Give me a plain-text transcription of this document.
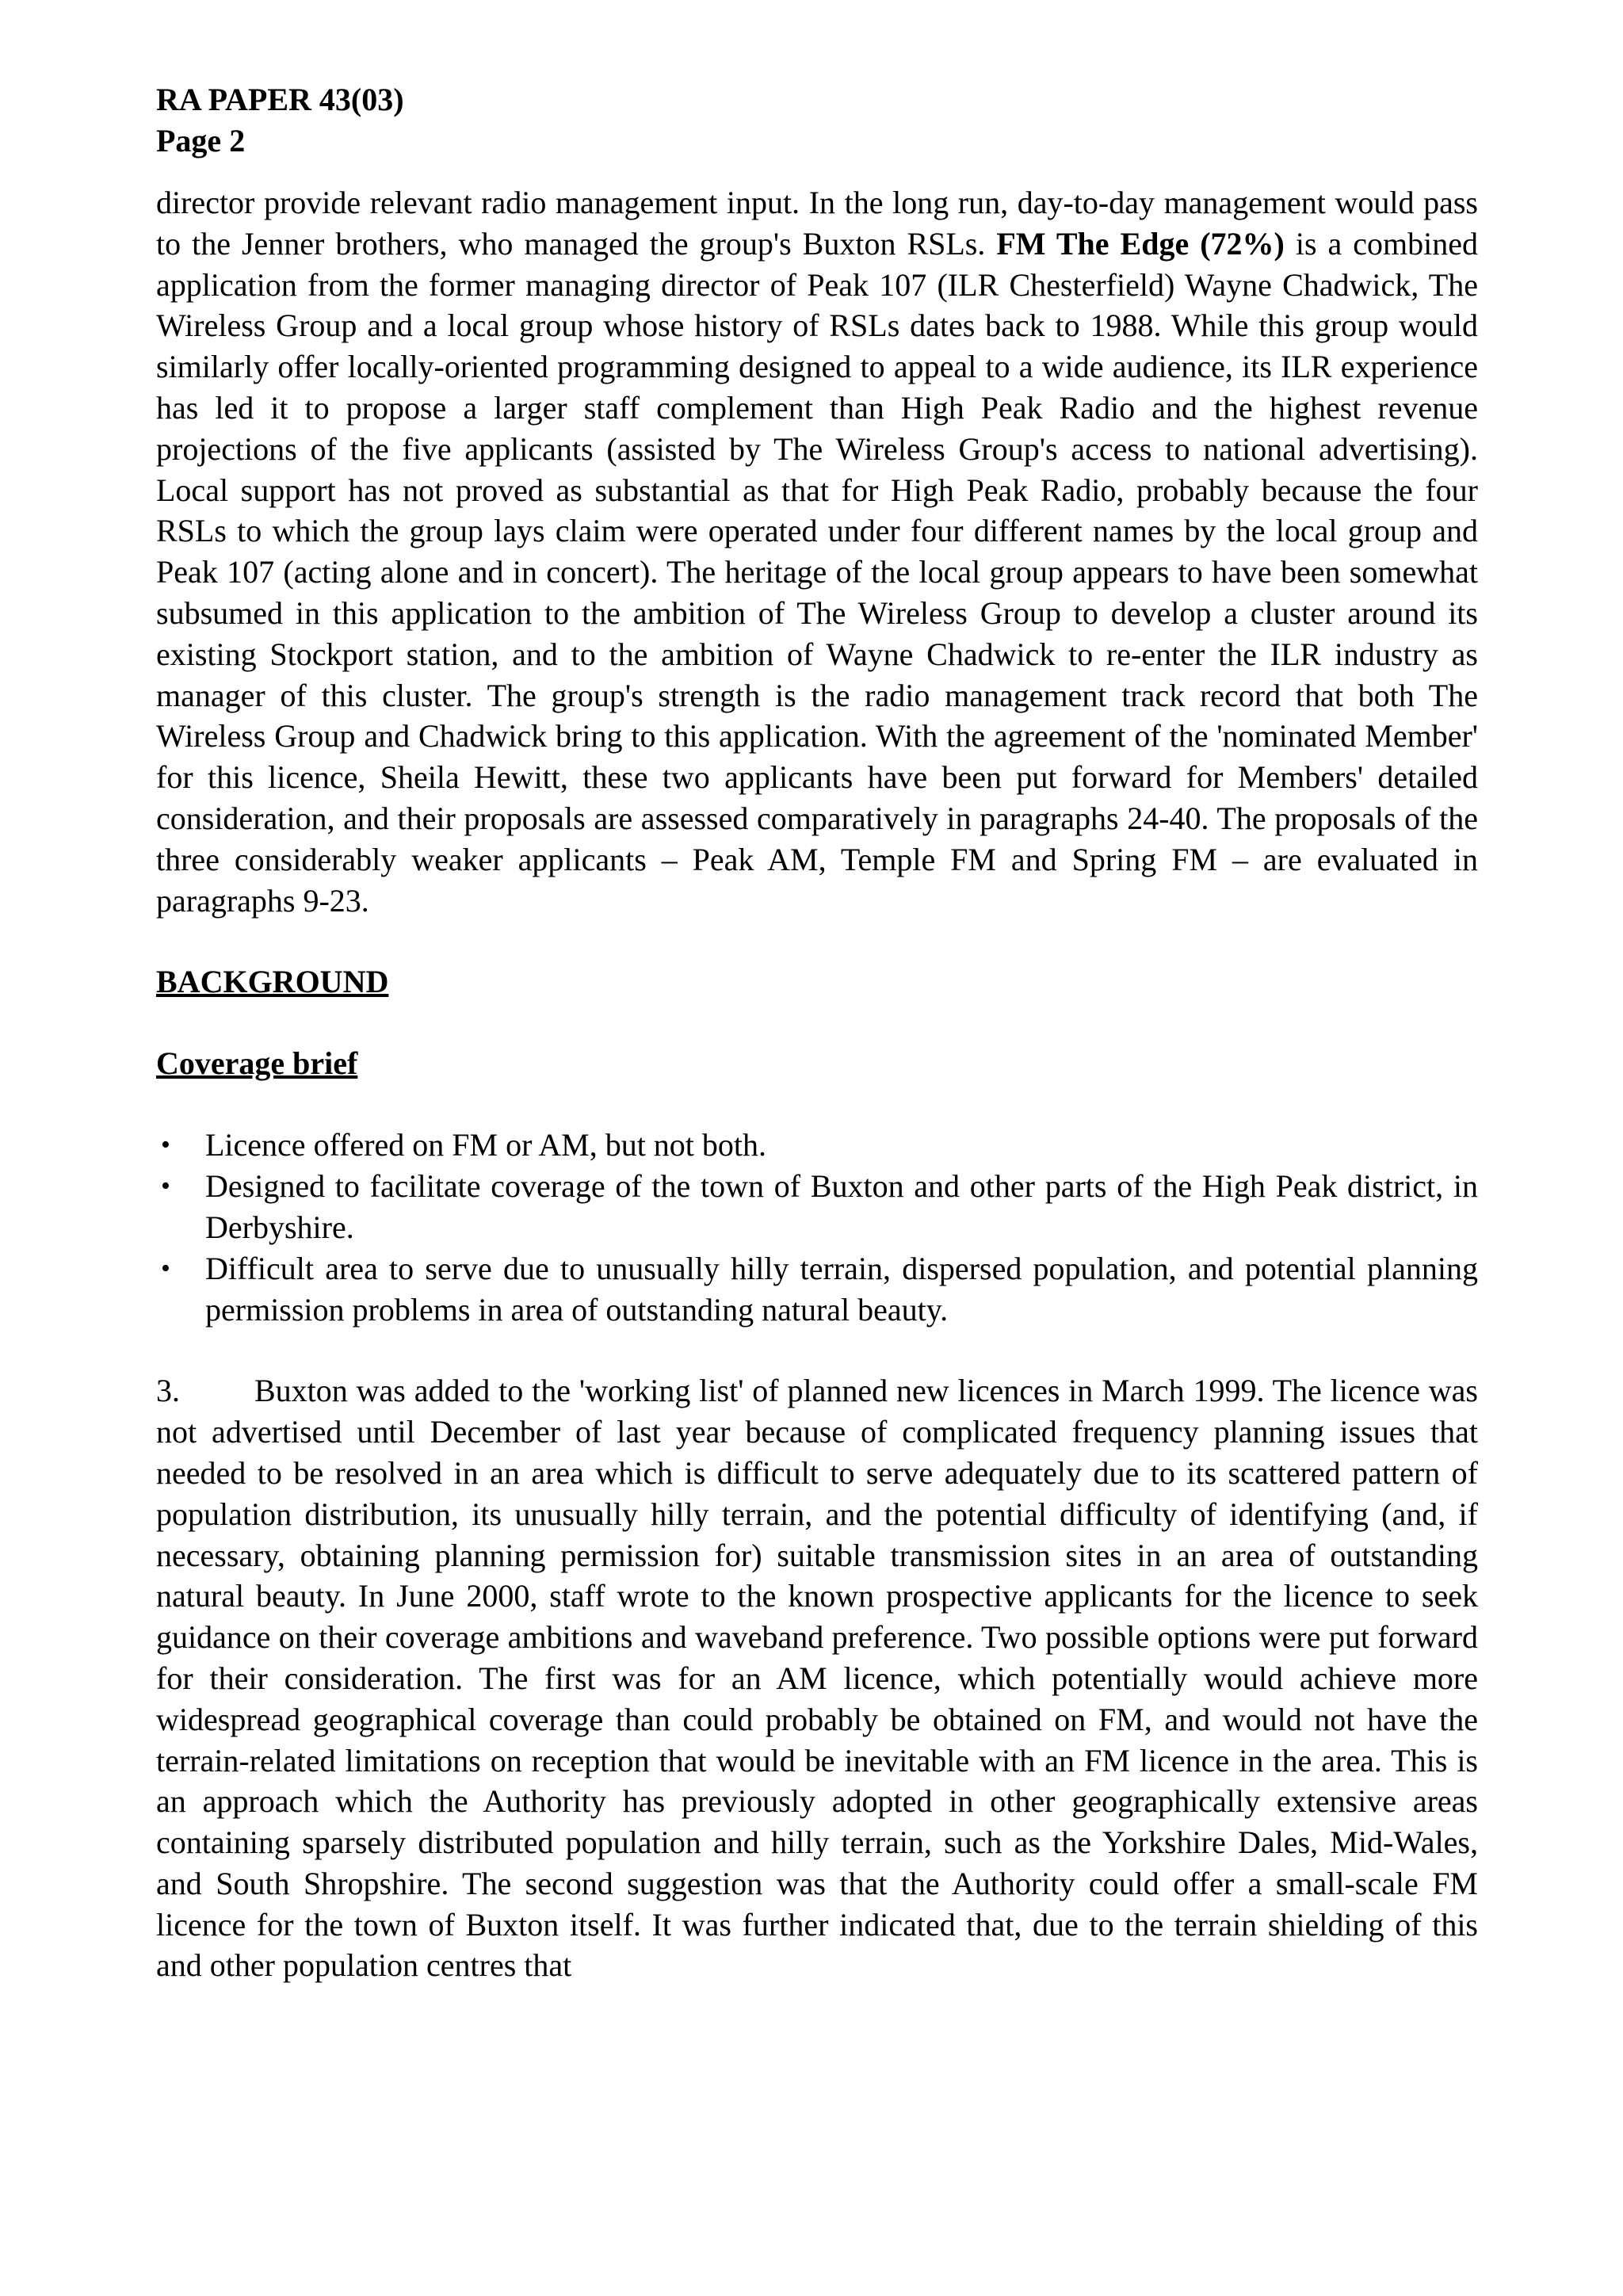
RA PAPER 43(03)

Page 2

director provide relevant radio management input. In the long run, day-to-day management would pass to the Jenner brothers, who managed the group's Buxton RSLs. FM The Edge (72%) is a combined application from the former managing director of Peak 107 (ILR Chesterfield) Wayne Chadwick, The Wireless Group and a local group whose history of RSLs dates back to 1988. While this group would similarly offer locally-oriented programming designed to appeal to a wide audience, its ILR experience has led it to propose a larger staff complement than High Peak Radio and the highest revenue projections of the five applicants (assisted by The Wireless Group's access to national advertising). Local support has not proved as substantial as that for High Peak Radio, probably because the four RSLs to which the group lays claim were operated under four different names by the local group and Peak 107 (acting alone and in concert). The heritage of the local group appears to have been somewhat subsumed in this application to the ambition of The Wireless Group to develop a cluster around its existing Stockport station, and to the ambition of Wayne Chadwick to re-enter the ILR industry as manager of this cluster. The group's strength is the radio management track record that both The Wireless Group and Chadwick bring to this application. With the agreement of the 'nominated Member' for this licence, Sheila Hewitt, these two applicants have been put forward for Members' detailed consideration, and their proposals are assessed comparatively in paragraphs 24-40. The proposals of the three considerably weaker applicants – Peak AM, Temple FM and Spring FM – are evaluated in paragraphs 9-23.

BACKGROUND

Coverage brief

• Licence offered on FM or AM, but not both.
• Designed to facilitate coverage of the town of Buxton and other parts of the High Peak district, in Derbyshire.
• Difficult area to serve due to unusually hilly terrain, dispersed population, and potential planning permission problems in area of outstanding natural beauty.

3. Buxton was added to the 'working list' of planned new licences in March 1999. The licence was not advertised until December of last year because of complicated frequency planning issues that needed to be resolved in an area which is difficult to serve adequately due to its scattered pattern of population distribution, its unusually hilly terrain, and the potential difficulty of identifying (and, if necessary, obtaining planning permission for) suitable transmission sites in an area of outstanding natural beauty. In June 2000, staff wrote to the known prospective applicants for the licence to seek guidance on their coverage ambitions and waveband preference. Two possible options were put forward for their consideration. The first was for an AM licence, which potentially would achieve more widespread geographical coverage than could probably be obtained on FM, and would not have the terrain-related limitations on reception that would be inevitable with an FM licence in the area. This is an approach which the Authority has previously adopted in other geographically extensive areas containing sparsely distributed population and hilly terrain, such as the Yorkshire Dales, Mid-Wales, and South Shropshire. The second suggestion was that the Authority could offer a small-scale FM licence for the town of Buxton itself. It was further indicated that, due to the terrain shielding of this and other population centres that
